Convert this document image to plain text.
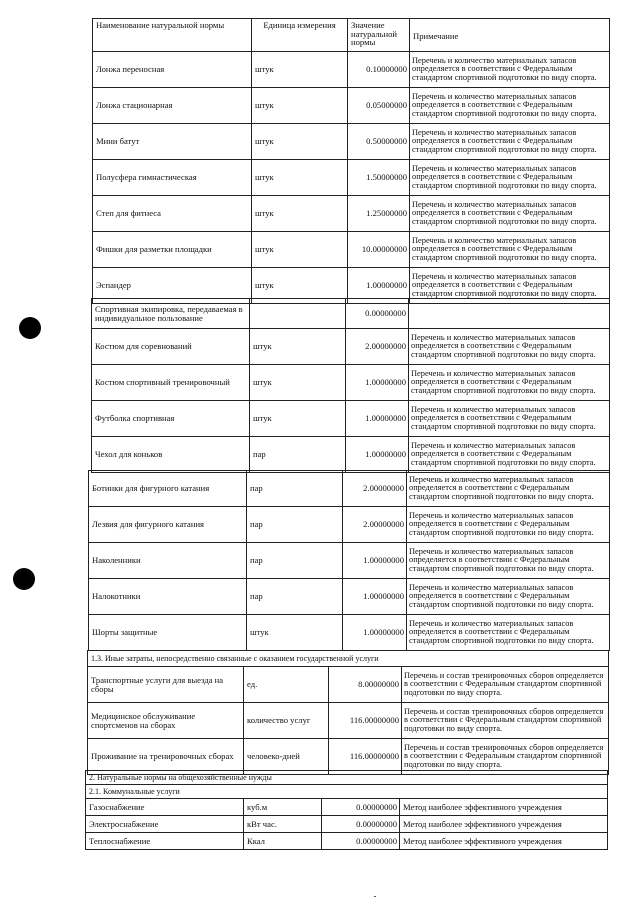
Наименование натуральной нормы	Единица измерения	Значение натуральной нормы	Примечание
Лонжа переносная	штук	0.10000000	Перечень и количество материальных запасов определяется в соответствии с Федеральным стандартом спортивной подготовки по виду спорта.
Лонжа стационарная	штук	0.05000000	Перечень и количество материальных запасов определяется в соответствии с Федеральным стандартом спортивной подготовки по виду спорта.
Мини батут	штук	0.50000000	Перечень и количество материальных запасов определяется в соответствии с Федеральным стандартом спортивной подготовки по виду спорта.
Полусфера гимнастическая	штук	1.50000000	Перечень и количество материальных запасов определяется в соответствии с Федеральным стандартом спортивной подготовки по виду спорта.
Степ для фитнеса	штук	1.25000000	Перечень и количество материальных запасов определяется в соответствии с Федеральным стандартом спортивной подготовки по виду спорта.
Фишки для разметки площадки	штук	10.00000000	Перечень и количество материальных запасов определяется в соответствии с Федеральным стандартом спортивной подготовки по виду спорта.
Эспандер	штук	1.00000000	Перечень и количество материальных запасов определяется в соответствии с Федеральным стандартом спортивной подготовки по виду спорта.
Спортивная экипировка, передаваемая в индивидуальное пользование		0.00000000	
Костюм для соревнований	штук	2.00000000	Перечень и количество материальных запасов определяется в соответствии с Федеральным стандартом спортивной подготовки по виду спорта.
Костюм спортивный тренировочный	штук	1.00000000	Перечень и количество материальных запасов определяется в соответствии с Федеральным стандартом спортивной подготовки по виду спорта.
Футболка спортивная	штук	1.00000000	Перечень и количество материальных запасов определяется в соответствии с Федеральным стандартом спортивной подготовки по виду спорта.
Чехол для коньков	пар	1.00000000	Перечень и количество материальных запасов определяется в соответствии с Федеральным стандартом спортивной подготовки по виду спорта.
Ботинки для фигурного катания	пар	2.00000000	Перечень и количество материальных запасов определяется в соответствии с Федеральным стандартом спортивной подготовки по виду спорта.
Лезвия для фигурного катания	пар	2.00000000	Перечень и количество материальных запасов определяется в соответствии с Федеральным стандартом спортивной подготовки по виду спорта.
Наколенники	пар	1.00000000	Перечень и количество материальных запасов определяется в соответствии с Федеральным стандартом спортивной подготовки по виду спорта.
Налокотники	пар	1.00000000	Перечень и количество материальных запасов определяется в соответствии с Федеральным стандартом спортивной подготовки по виду спорта.
Шорты защитные	штук	1.00000000	Перечень и количество материальных запасов определяется в соответствии с Федеральным стандартом спортивной подготовки по виду спорта.
1.3. Иные затраты, непосредственно связанные с оказанием государственной услуги			
Транспортные услуги для выезда на сборы	ед.	8.00000000	Перечень и состав тренировочных сборов определяется в соответствии с Федеральным стандартом спортивной подготовки по виду спорта.
Медицинское обслуживание спортсменов на сборах	количество услуг	116.00000000	Перечень и состав тренировочных сборов определяется в соответствии с Федеральным стандартом спортивной подготовки по виду спорта.
Проживание на тренировочных сборах	человеко-дней	116.00000000	Перечень и состав тренировочных сборов определяется в соответствии с Федеральным стандартом спортивной подготовки по виду спорта.
2. Натуральные нормы на общехозяйственные нужды			
2.1. Коммунальные услуги			
Газоснабжение	куб.м	0.00000000	Метод наиболее эффективного учреждения
Электроснабжение	кВт час.	0.00000000	Метод наиболее эффективного учреждения
Теплоснабжение	Ккал	0.00000000	Метод наиболее эффективного учреждения
